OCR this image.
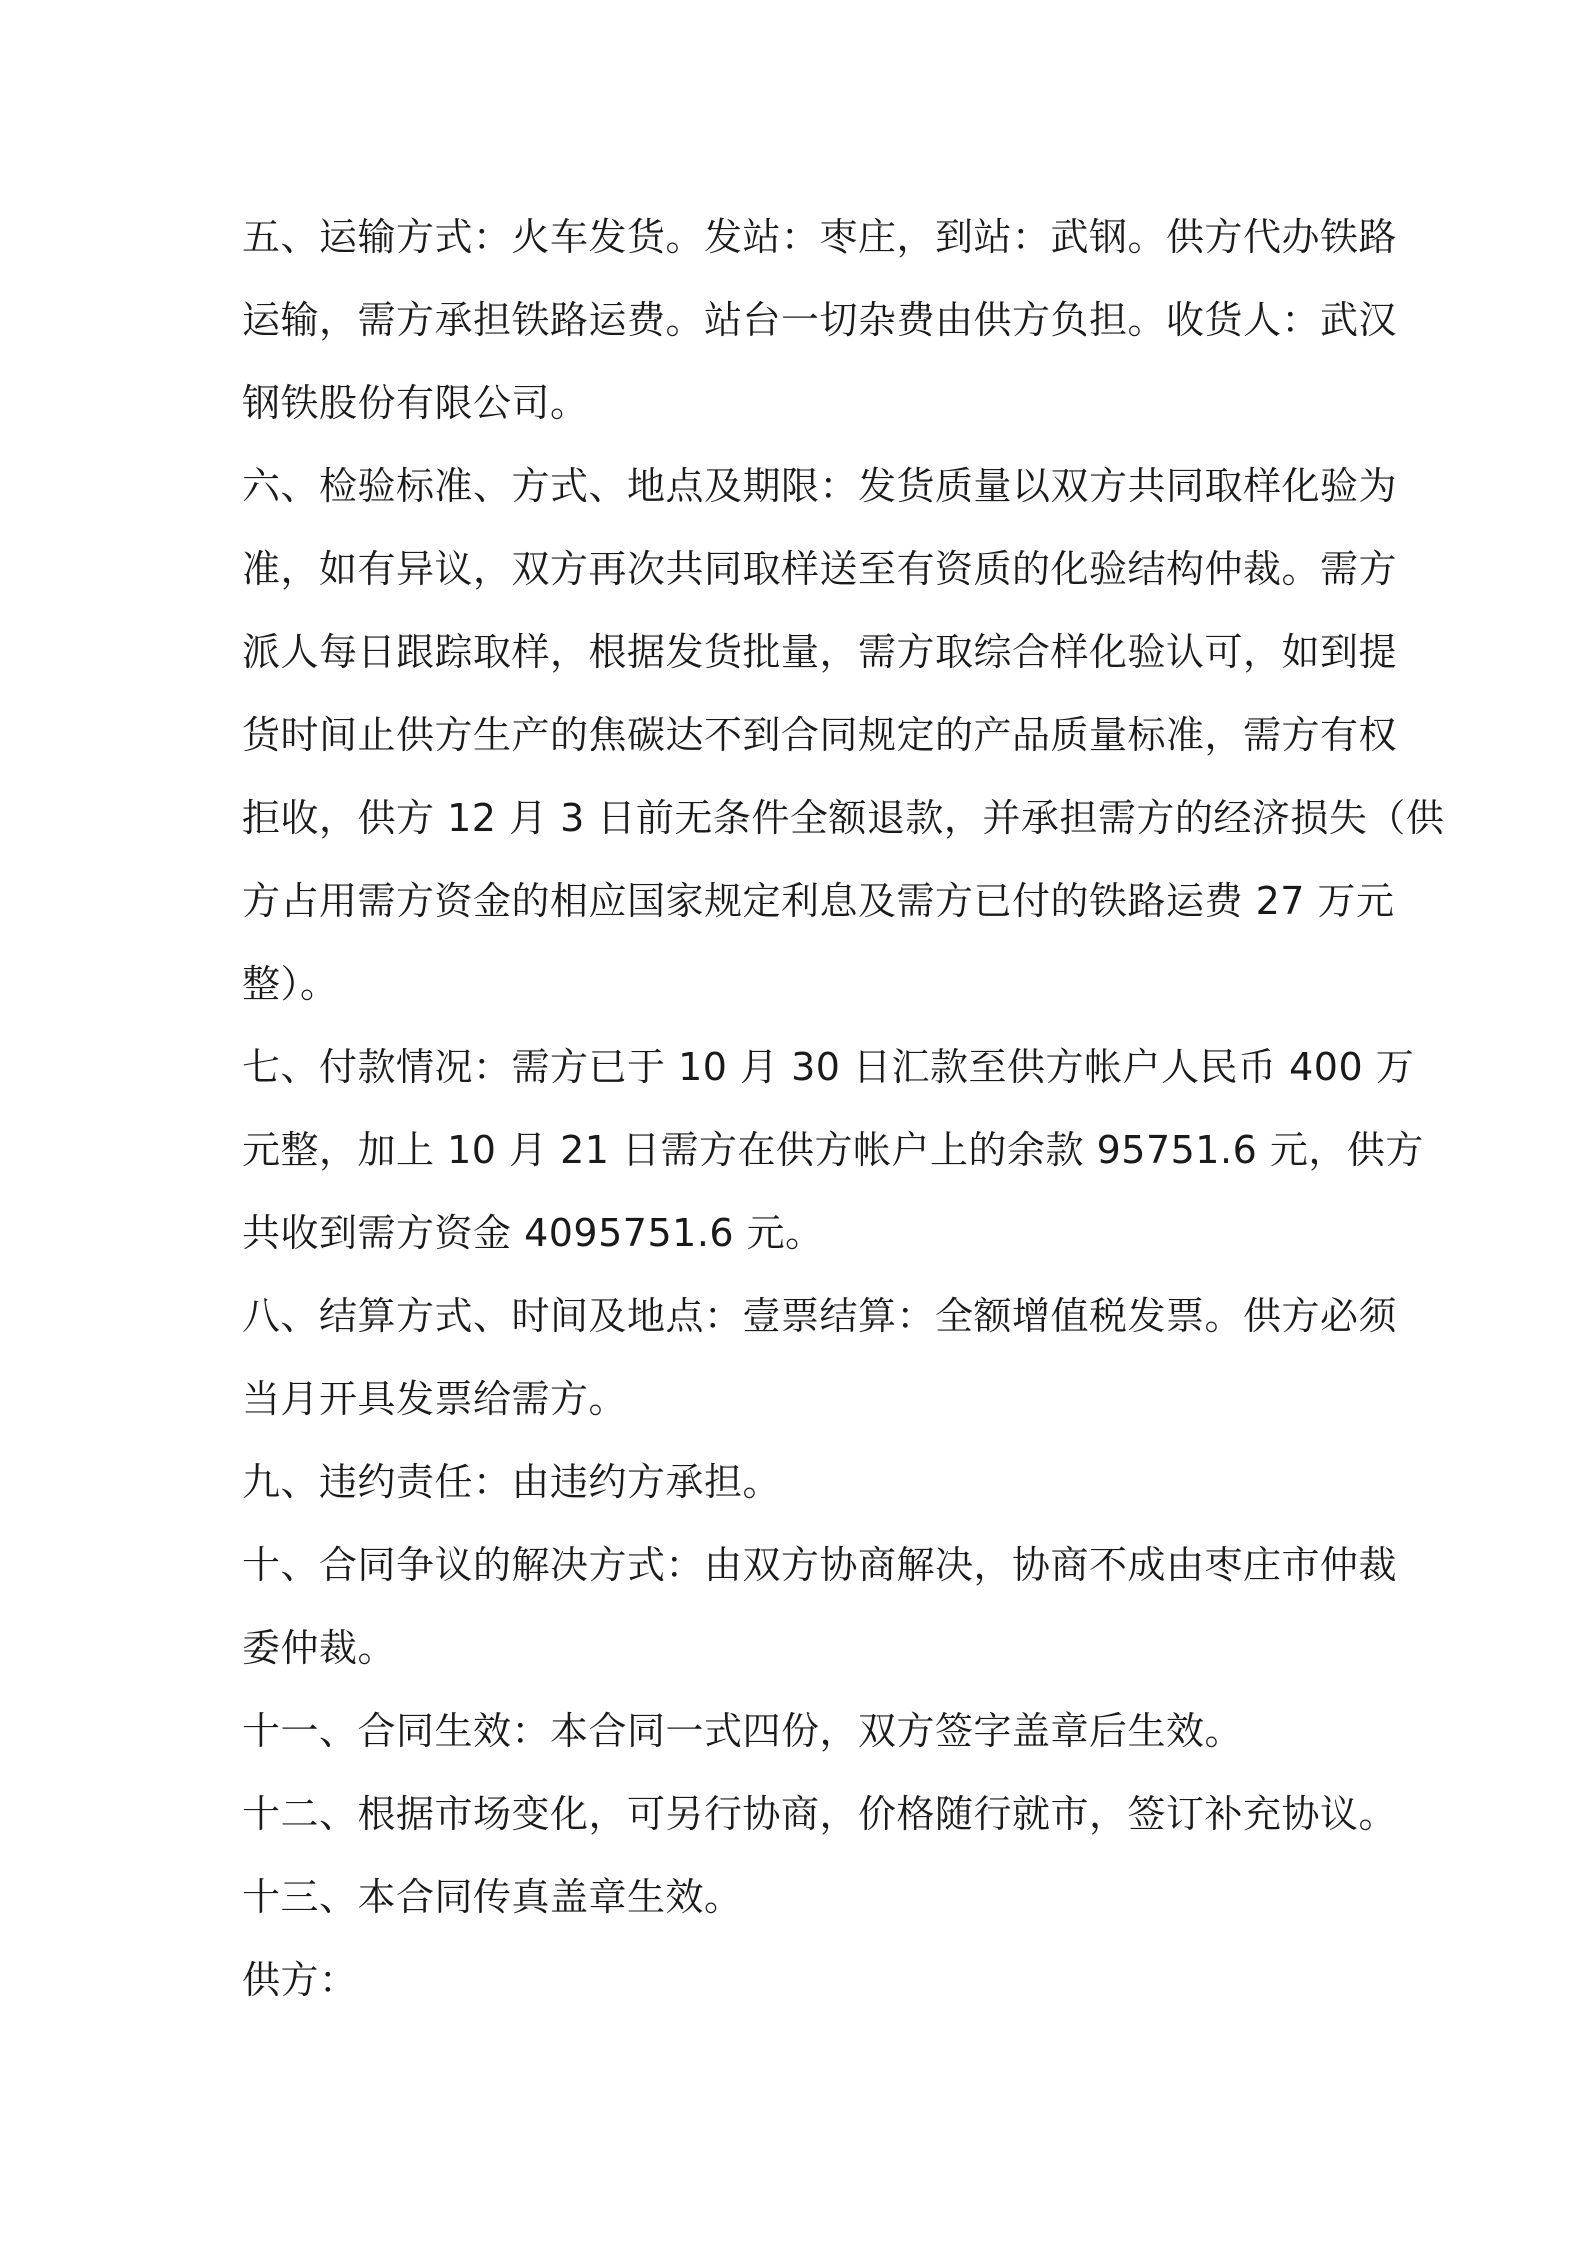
五、运输方式：火车发货。发站：枣庄，到站：武钢。供方代办铁路
运输，需方承担铁路运费。站台一切杂费由供方负担。收货人：武汉
钢铁股份有限公司。

六、检验标准、方式、地点及期限：发货质量以双方共同取样化验为
准，如有异议，双方再次共同取样送至有资质的化验结构仲裁。需方
派人每日跟踪取样，根据发货批量，需方取综合样化验认可，如到提
货时间止供方生产的焦碳达不到合同规定的产品质量标准，需方有权
拒收，供方 12 月 3 日前无条件全额退款，并承担需方的经济损失（供
方占用需方资金的相应国家规定利息及需方已付的铁路运费 27 万元
整）。

七、付款情况：需方已于 10 月 30 日汇款至供方帐户人民币 400 万
元整，加上 10 月 21 日需方在供方帐户上的余款 95751.6 元，供方
共收到需方资金 4095751.6 元。

八、结算方式、时间及地点：壹票结算：全额增值税发票。供方必须
当月开具发票给需方。

九、违约责任：由违约方承担。

十、合同争议的解决方式：由双方协商解决，协商不成由枣庄市仲裁
委仲裁。

十一、合同生效：本合同一式四份，双方签字盖章后生效。

十二、根据市场变化，可另行协商，价格随行就市，签订补充协议。

十三、本合同传真盖章生效。

供方：
